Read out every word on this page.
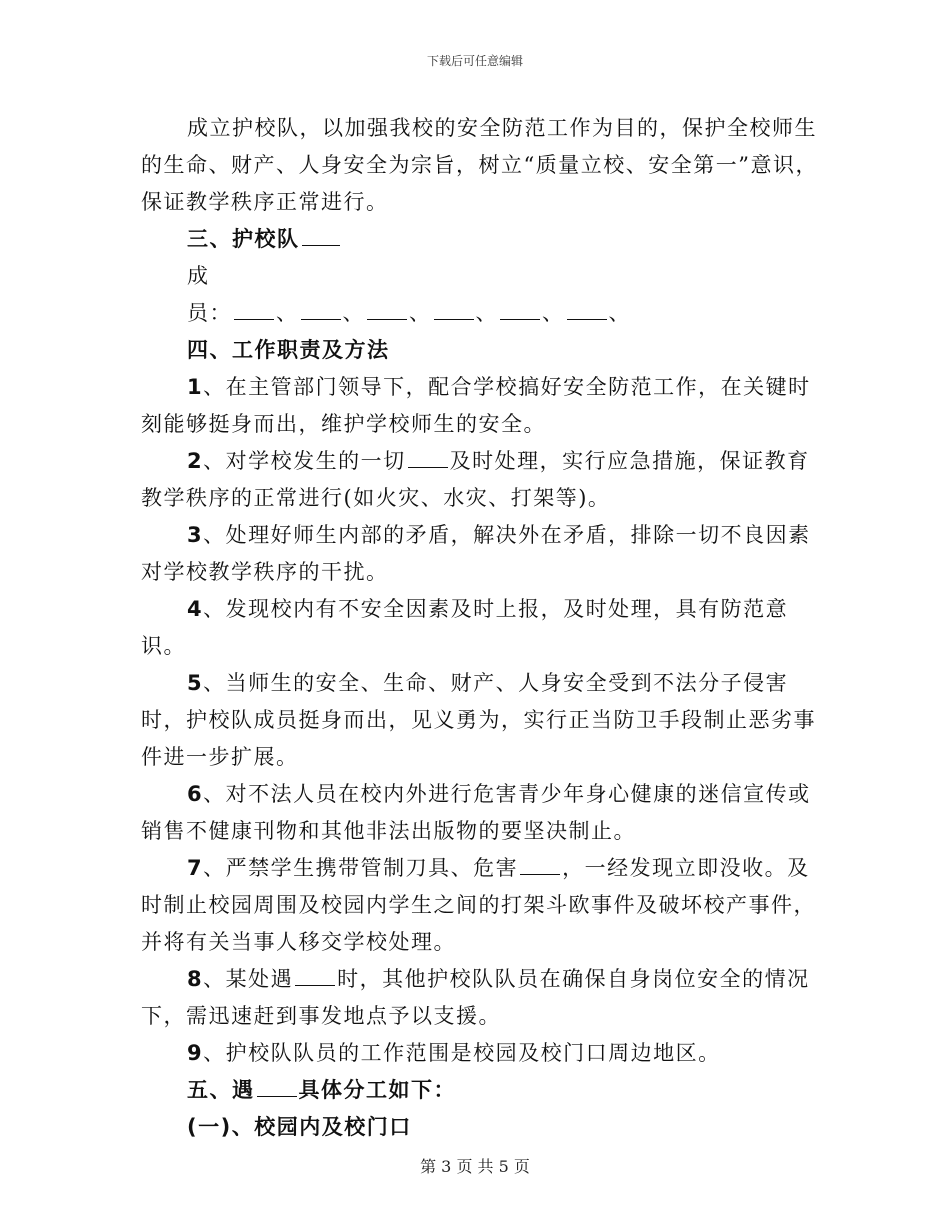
下载后可任意编辑

成立护校队，以加强我校的安全防范工作为目的，保护全校师生的生命、财产、人身安全为宗旨，树立“质量立校、安全第一”意识，保证教学秩序正常进行。

三、护校队

成

员： 、 、 、 、 、 、

四、工作职责及方法

1、在主管部门领导下，配合学校搞好安全防范工作，在关键时刻能够挺身而出，维护学校师生的安全。

2、对学校发生的一切 及时处理，实行应急措施，保证教育教学秩序的正常进行(如火灾、水灾、打架等)。

3、处理好师生内部的矛盾，解决外在矛盾，排除一切不良因素对学校教学秩序的干扰。

4、发现校内有不安全因素及时上报，及时处理，具有防范意识。

5、当师生的安全、生命、财产、人身安全受到不法分子侵害时，护校队成员挺身而出，见义勇为，实行正当防卫手段制止恶劣事件进一步扩展。

6、对不法人员在校内外进行危害青少年身心健康的迷信宣传或销售不健康刊物和其他非法出版物的要坚决制止。

7、严禁学生携带管制刀具、危害 ，一经发现立即没收。及时制止校园周围及校园内学生之间的打架斗欧事件及破坏校产事件，并将有关当事人移交学校处理。

8、某处遇 时，其他护校队队员在确保自身岗位安全的情况下，需迅速赶到事发地点予以支援。

9、护校队队员的工作范围是校园及校门口周边地区。

五、遇 具体分工如下：

(一)、校园内及校门口

第 3 页 共 5 页
